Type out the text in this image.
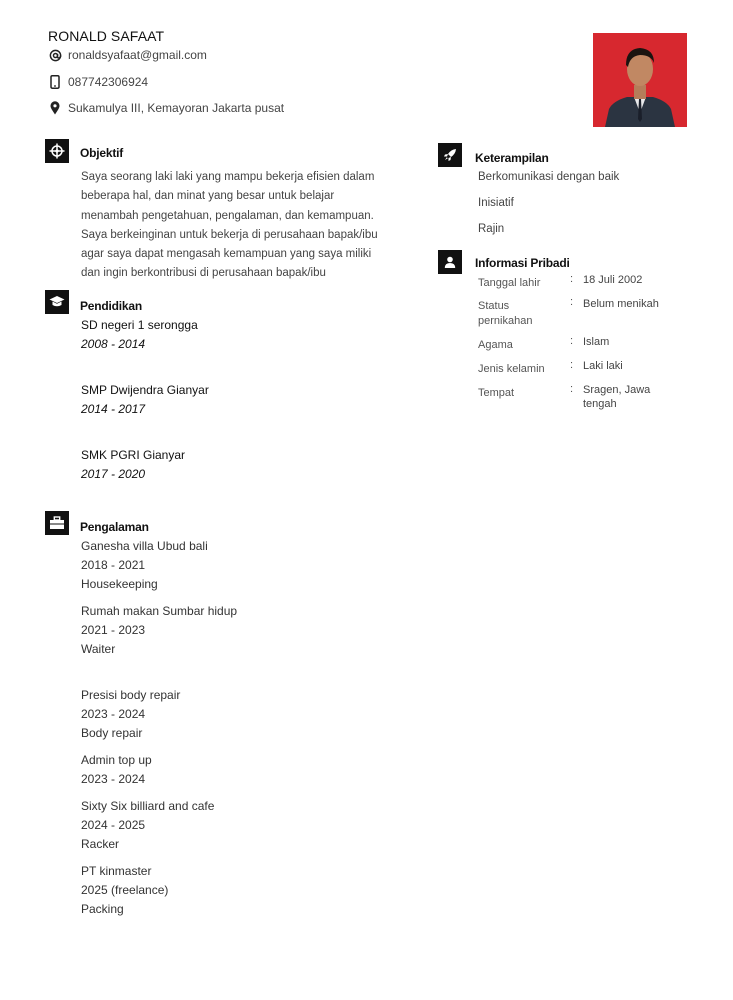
RONALD SAFAAT
ronaldsyafaat@gmail.com
087742306924
Sukamulya III, Kemayoran Jakarta pusat
Objektif
Saya seorang laki laki yang mampu bekerja efisien dalam
beberapa hal, dan minat yang besar untuk belajar
menambah pengetahuan, pengalaman, dan kemampuan.
Saya berkeinginan untuk bekerja di perusahaan bapak/ibu
agar saya dapat mengasah kemampuan yang saya miliki
dan ingin berkontribusi di perusahaan bapak/ibu
Pendidikan
SD negeri 1 serongga
2008 - 2014
SMP Dwijendra Gianyar
2014 - 2017
SMK PGRI Gianyar
2017 - 2020
Pengalaman
Ganesha villa Ubud bali
2018 - 2021
Housekeeping
Rumah makan Sumbar hidup
2021 - 2023
Waiter
Presisi body repair
2023 - 2024
Body repair
Admin top up
2023 - 2024
Sixty Six billiard and cafe
2024 - 2025
Racker
PT kinmaster
2025 (freelance)
Packing
Keterampilan
Berkomunikasi dengan baik
Inisiatif
Rajin
Informasi Pribadi
Tanggal lahir	: 18 Juli 2002
Status pernikahan
: Belum menikah
Agama	: Islam
Jenis kelamin	: Laki laki
Tempat	: Sragen, Jawa tengah
